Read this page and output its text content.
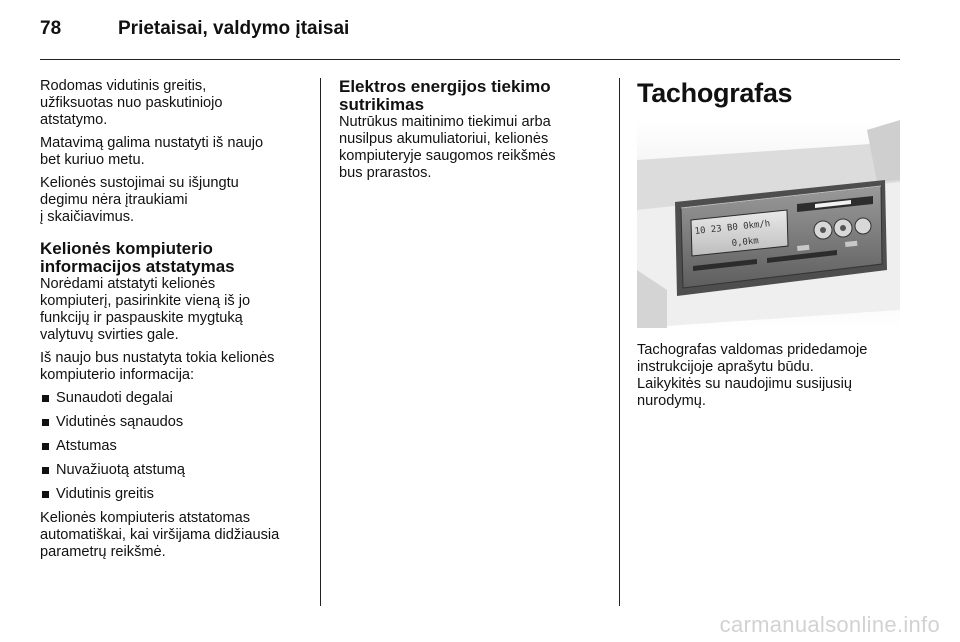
78	Prietaisai, valdymo įtaisai
Rodomas vidutinis greitis,
užfiksuotas nuo paskutiniojo
atstatymo.
Matavimą galima nustatyti iš naujo
bet kuriuo metu.
Kelionės sustojimai su išjungtu
degimu nėra įtraukiami
į skaičiavimus.
Kelionės kompiuterio
informacijos atstatymas
Norėdami atstatyti kelionės
kompiuterį, pasirinkite vieną iš jo
funkcijų ir paspauskite mygtuką
valytuvų svirties gale.
Iš naujo bus nustatyta tokia kelionės
kompiuterio informacija:
Sunaudoti degalai
Vidutinės sąnaudos
Atstumas
Nuvažiuotą atstumą
Vidutinis greitis
Kelionės kompiuteris atstatomas
automatiškai, kai viršijama didžiausia
parametrų reikšmė.
Elektros energijos tiekimo
sutrikimas
Nutrūkus maitinimo tiekimui arba
nusilpus akumuliatoriui, kelionės
kompiuteryje saugomos reikšmės
bus prarastos.
Tachografas
10 23 B0 0km/h
0,0km
Tachografas valdomas pridedamoje
instrukcijoje aprašytu būdu.
Laikykitės su naudojimu susijusių
nurodymų.
carmanualsonline.info
